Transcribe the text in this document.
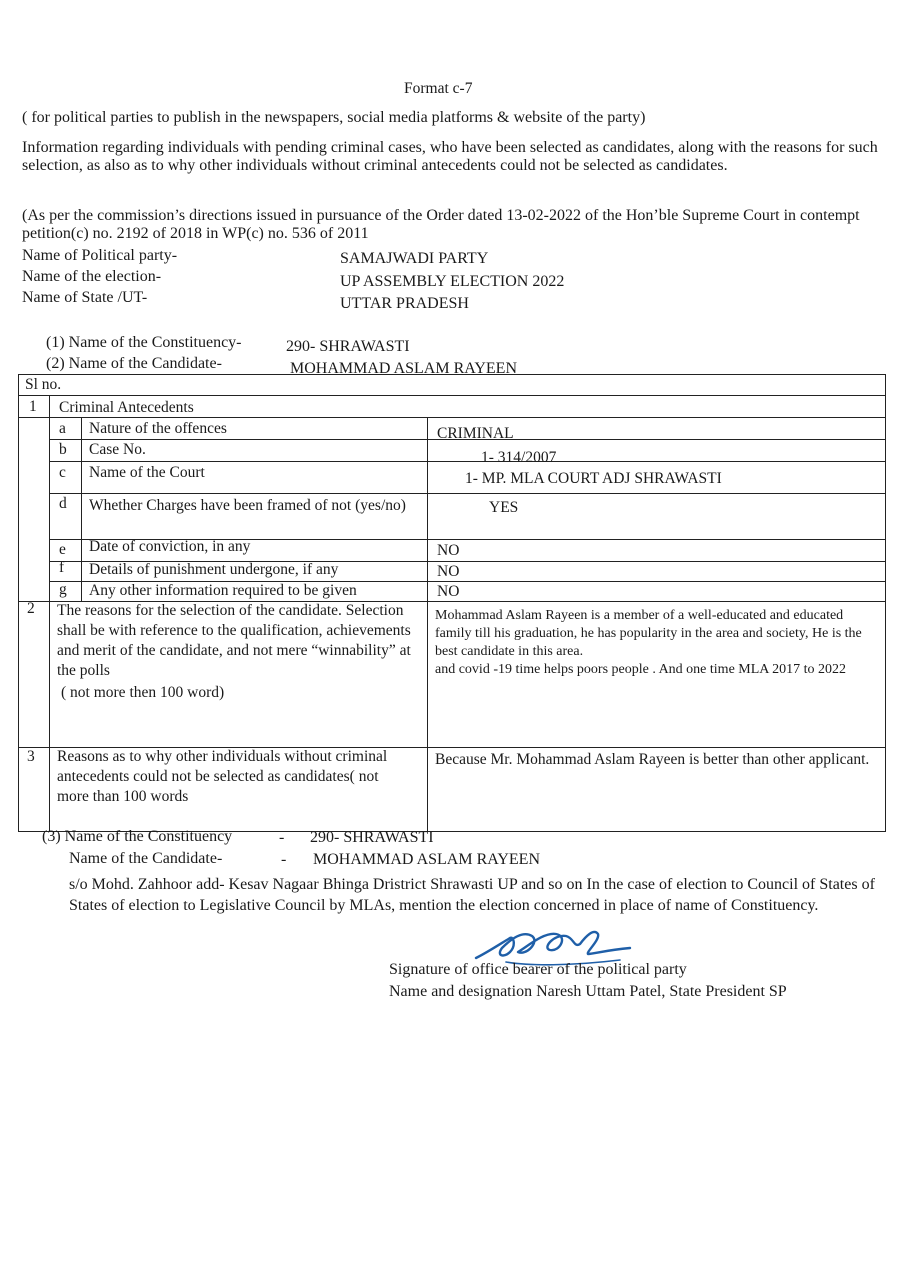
Format c-7
( for political parties to publish in the newspapers, social media platforms & website of the party)
Information regarding individuals with pending criminal cases, who have been selected as candidates, along with the reasons for such selection, as also as to why other individuals without criminal antecedents could not be selected as candidates.
(As per the commission’s directions issued in pursuance of the Order dated 13-02-2022 of the Hon’ble Supreme Court in contempt petition(c) no. 2192 of 2018 in WP(c) no. 536 of 2011
Name of Political party-	SAMAJWADI PARTY
Name of the election-	UP ASSEMBLY ELECTION 2022
Name of State /UT-	UTTAR PRADESH
(1) Name of the Constituency-	290- SHRAWASTI
(2) Name of the Candidate-	MOHAMMAD ASLAM RAYEEN
Sl no.
1 Criminal Antecedents
a Nature of the offences	CRIMINAL
b Case No.	1- 314/2007
c Name of the Court	1- MP. MLA COURT ADJ SHRAWASTI
d Whether Charges have been framed of not (yes/no)	YES
e Date of conviction, in any	NO
f Details of punishment undergone, if any	NO
g Any other information required to be given	NO
2 The reasons for the selection of the candidate. Selection shall be with reference to the qualification, achievements and merit of the candidate, and not mere “winnability” at the polls
( not more then 100 word)
Mohammad Aslam Rayeen is a member of a well-educated and educated family till his graduation, he has popularity in the area and society, He is the best candidate in this area.
and covid -19 time helps poors people . And one time MLA 2017 to 2022
3 Reasons as to why other individuals without criminal antecedents could not be selected as candidates( not more than 100 words
Because Mr. Mohammad Aslam Rayeen is better than other applicant.
(3) Name of the Constituency	- 290- SHRAWASTI
Name of the Candidate-	- MOHAMMAD ASLAM RAYEEN
s/o Mohd. Zahhoor add- Kesav Nagaar Bhinga Dristrict Shrawasti UP and so on In the case of election to Council of States of States of election to Legislative Council by MLAs, mention the election concerned in place of name of Constituency.
Signature of office bearer of the political party
Name and designation Naresh Uttam Patel, State President SP
